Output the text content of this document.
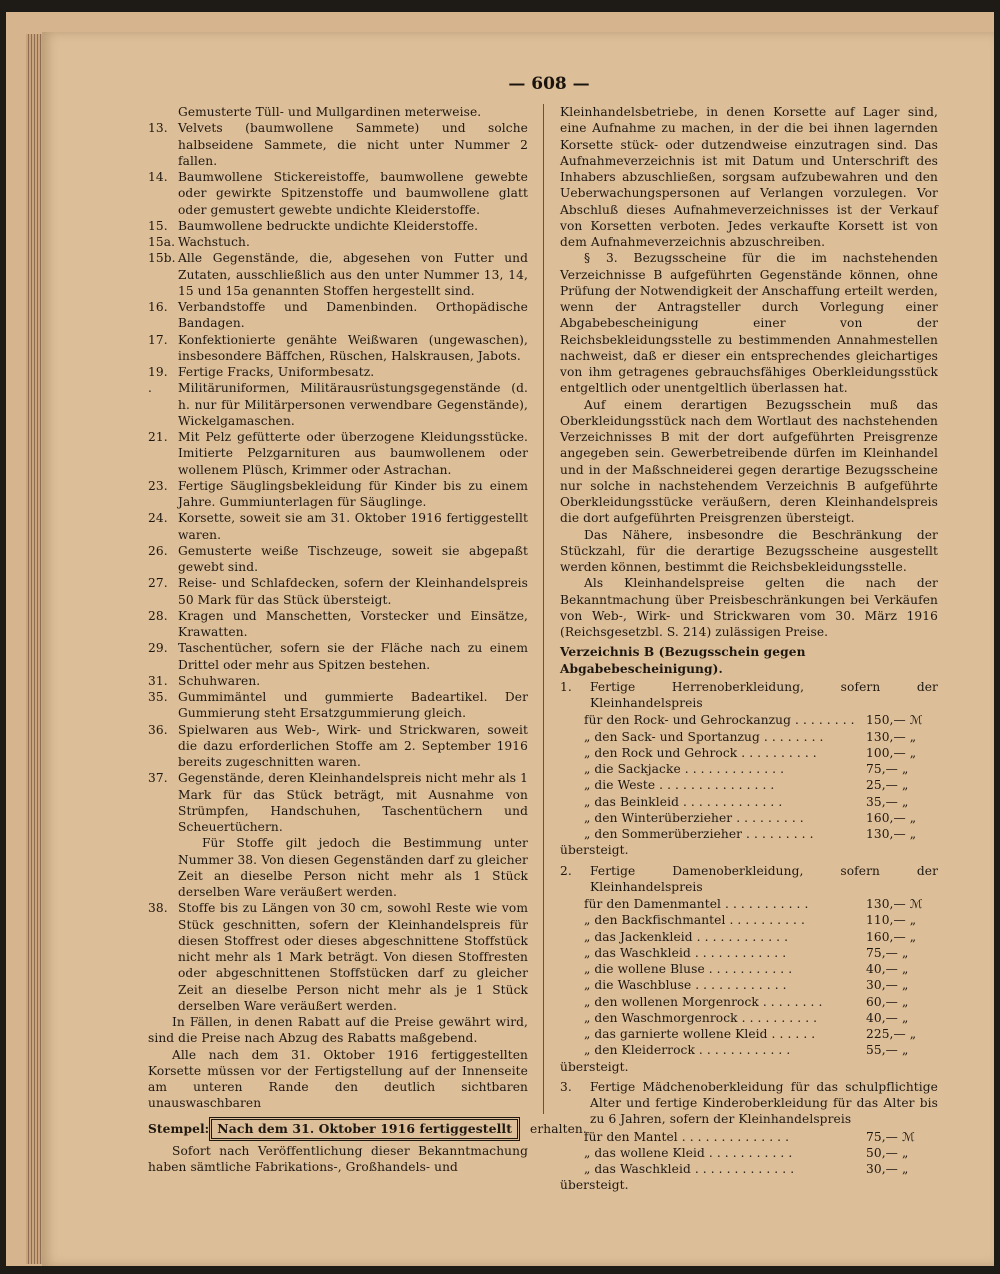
— 608 —
Gemusterte Tüll- und Mullgardinen meterweise.
13. Velvets (baumwollene Sammete) und solche halbseidene Sammete, die nicht unter Nummer 2 fallen.
14. Baumwollene Stickereistoffe, baumwollene gewebte oder gewirkte Spitzenstoffe und baumwollene glatt oder gemustert gewebte undichte Kleiderstoffe.
15. Baumwollene bedruckte undichte Kleiderstoffe.
15a. Wachstuch.
15b. Alle Gegenstände, die, abgesehen von Futter und Zutaten, ausschließlich aus den unter Nummer 13, 14, 15 und 15a genannten Stoffen hergestellt sind.
16. Verbandstoffe und Damenbinden. Orthopädische Bandagen.
17. Konfektionierte genähte Weißwaren (ungewaschen), insbesondere Bäffchen, Rüschen, Halskrausen, Jabots.
19. Fertige Fracks, Uniformbesatz.
. Militäruniformen, Militärausrüstungsgegenstände (d. h. nur für Militärpersonen verwendbare Gegenstände), Wickelgamaschen.
21. Mit Pelz gefütterte oder überzogene Kleidungsstücke. Imitierte Pelzgarnituren aus baumwollenem oder wollenem Plüsch, Krimmer oder Astrachan.
23. Fertige Säuglingsbekleidung für Kinder bis zu einem Jahre. Gummiunterlagen für Säuglinge.
24. Korsette, soweit sie am 31. Oktober 1916 fertiggestellt waren.
26. Gemusterte weiße Tischzeuge, soweit sie abgepaßt gewebt sind.
27. Reise- und Schlafdecken, sofern der Kleinhandelspreis 50 Mark für das Stück übersteigt.
28. Kragen und Manschetten, Vorstecker und Einsätze, Krawatten.
29. Taschentücher, sofern sie der Fläche nach zu einem Drittel oder mehr aus Spitzen bestehen.
31. Schuhwaren.
35. Gummimäntel und gummierte Badeartikel. Der Gummierung steht Ersatzgummierung gleich.
36. Spielwaren aus Web-, Wirk- und Strickwaren, soweit die dazu erforderlichen Stoffe am 2. September 1916 bereits zugeschnitten waren.
37. Gegenstände, deren Kleinhandelspreis nicht mehr als 1 Mark für das Stück beträgt, mit Ausnahme von Strümpfen, Handschuhen, Taschentüchern und Scheuertüchern.
Für Stoffe gilt jedoch die Bestimmung unter Nummer 38. Von diesen Gegenständen darf zu gleicher Zeit an dieselbe Person nicht mehr als 1 Stück derselben Ware veräußert werden.
38. Stoffe bis zu Längen von 30 cm, sowohl Reste wie vom Stück geschnitten, sofern der Kleinhandelspreis für diesen Stoffrest oder dieses abgeschnittene Stoffstück nicht mehr als 1 Mark beträgt. Von diesen Stoffresten oder abgeschnittenen Stoffstücken darf zu gleicher Zeit an dieselbe Person nicht mehr als je 1 Stück derselben Ware veräußert werden.
In Fällen, in denen Rabatt auf die Preise gewährt wird, sind die Preise nach Abzug des Rabatts maßgebend.
Alle nach dem 31. Oktober 1916 fertiggestellten Korsette müssen vor der Fertigstellung auf der Innenseite am unteren Rande den deutlich sichtbaren unauswaschbaren
Stempel: Nach dem 31. Oktober 1916 fertiggestellt	erhalten.
Sofort nach Veröffentlichung dieser Bekanntmachung haben sämtliche Fabrikations-, Großhandels- und
Kleinhandelsbetriebe, in denen Korsette auf Lager sind, eine Aufnahme zu machen, in der die bei ihnen lagernden Korsette stück- oder dutzendweise einzutragen sind. Das Aufnahmeverzeichnis ist mit Datum und Unterschrift des Inhabers abzuschließen, sorgsam aufzubewahren und den Ueberwachungspersonen auf Verlangen vorzulegen. Vor Abschluß dieses Aufnahmeverzeichnisses ist der Verkauf von Korsetten verboten. Jedes verkaufte Korsett ist von dem Aufnahmeverzeichnis abzuschreiben.
§ 3. Bezugsscheine für die im nachstehenden Verzeichnisse B aufgeführten Gegenstände können, ohne Prüfung der Notwendigkeit der Anschaffung erteilt werden, wenn der Antragsteller durch Vorlegung einer Abgabebescheinigung einer von der Reichsbekleidungsstelle zu bestimmenden Annahmestellen nachweist, daß er dieser ein entsprechendes gleichartiges von ihm getragenes gebrauchsfähiges Oberkleidungsstück entgeltlich oder unentgeltlich überlassen hat.
Auf einem derartigen Bezugsschein muß das Oberkleidungsstück nach dem Wortlaut des nachstehenden Verzeichnisses B mit der dort aufgeführten Preisgrenze angegeben sein. Gewerbetreibende dürfen im Kleinhandel und in der Maßschneiderei gegen derartige Bezugsscheine nur solche in nachstehendem Verzeichnis B aufgeführte Oberkleidungsstücke veräußern, deren Kleinhandelspreis die dort aufgeführten Preisgrenzen übersteigt.
Das Nähere, insbesondre die Beschränkung der Stückzahl, für die derartige Bezugsscheine ausgestellt werden können, bestimmt die Reichsbekleidungsstelle.
Als Kleinhandelspreise gelten die nach der Bekanntmachung über Preisbeschränkungen bei Verkäufen von Web-, Wirk- und Strickwaren vom 30. März 1916 (Reichsgesetzbl. S. 214) zulässigen Preise.
Verzeichnis B (Bezugsschein gegen Abgabebescheinigung).
1. Fertige Herrenoberkleidung, sofern der Kleinhandelspreis
für den Rock- und Gehrockanzug . . . . . . . . 150,— ℳ
„ den Sack- und Sportanzug . . . . . . . .	130,— „
„ den Rock und Gehrock . . . . . . . . . .	100,— „
„ die Sackjacke . . . . . . . . . . . . .	75,— „
„ die Weste . . . . . . . . . . . . . . .	25,— „
„ das Beinkleid . . . . . . . . . . . . .	35,— „
„ den Winterüberzieher . . . . . . . . .	160,— „
„ den Sommerüberzieher . . . . . . . . .	130,— „
übersteigt.
2. Fertige Damenoberkleidung, sofern der Kleinhandelspreis
für den Damenmantel . . . . . . . . . . .	130,— ℳ
„ den Backfischmantel . . . . . . . . . .	110,— „
„ das Jackenkleid . . . . . . . . . . . .	160,— „
„ das Waschkleid . . . . . . . . . . . .	75,— „
„ die wollene Bluse . . . . . . . . . . .	40,— „
„ die Waschbluse . . . . . . . . . . . .	30,— „
„ den wollenen Morgenrock . . . . . . . .	60,— „
„ den Waschmorgenrock . . . . . . . . . .	40,— „
„ das garnierte wollene Kleid . . . . . .	225,— „
„ den Kleiderrock . . . . . . . . . . . .	55,— „
übersteigt.
3. Fertige Mädchenoberkleidung für das schulpflichtige Alter und fertige Kinderoberkleidung für das Alter bis zu 6 Jahren, sofern der Kleinhandelspreis
für den Mantel . . . . . . . . . . . . . .	75,— ℳ
„ das wollene Kleid . . . . . . . . . . .	50,— „
„ das Waschkleid . . . . . . . . . . . . .	30,— „
übersteigt.
